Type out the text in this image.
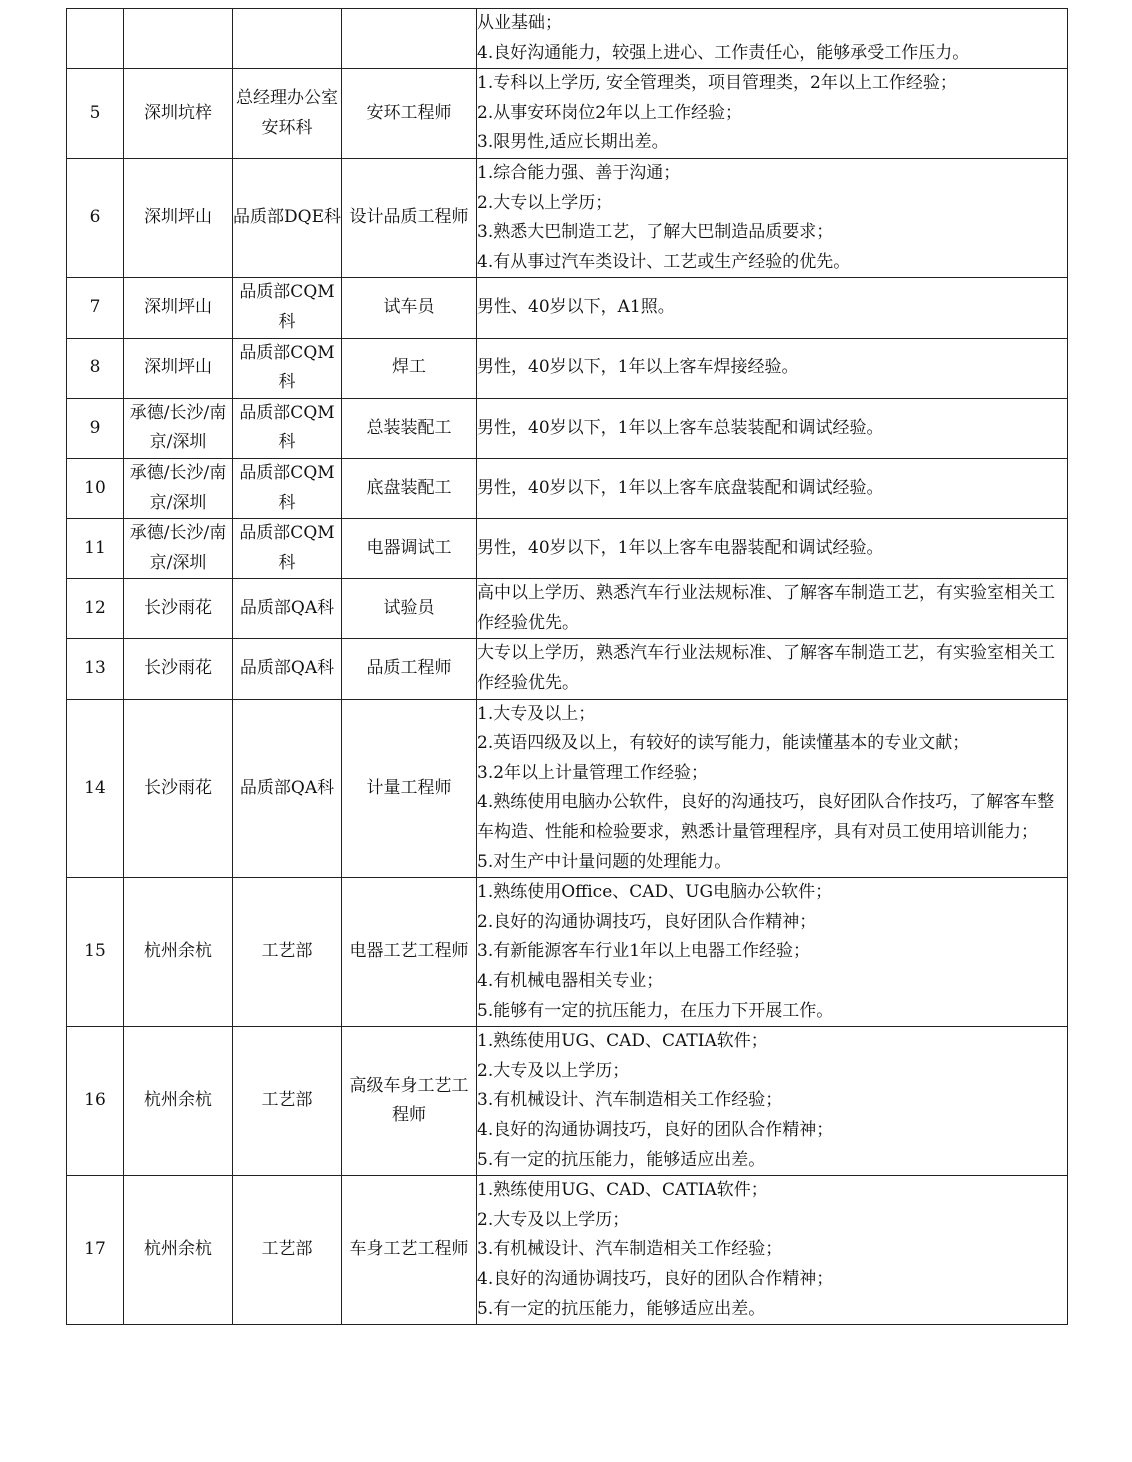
				从业基础；
4.良好沟通能力，较强上进心、工作责任心，能够承受工作压力。

5	深圳坑梓	总经理办公室安环科	安环工程师	1.专科以上学历, 安全管理类，项目管理类，2年以上工作经验；
2.从事安环岗位2年以上工作经验；
3.限男性,适应长期出差。

6	深圳坪山	品质部DQE科	设计品质工程师	1.综合能力强、善于沟通；
2.大专以上学历；
3.熟悉大巴制造工艺，了解大巴制造品质要求；
4.有从事过汽车类设计、工艺或生产经验的优先。

7	深圳坪山	品质部CQM科	试车员	男性、40岁以下，A1照。

8	深圳坪山	品质部CQM科	焊工	男性，40岁以下，1年以上客车焊接经验。

9	承德/长沙/南京/深圳	品质部CQM科	总装装配工	男性，40岁以下，1年以上客车总装装配和调试经验。

10	承德/长沙/南京/深圳	品质部CQM科	底盘装配工	男性，40岁以下，1年以上客车底盘装配和调试经验。

11	承德/长沙/南京/深圳	品质部CQM科	电器调试工	男性，40岁以下，1年以上客车电器装配和调试经验。

12	长沙雨花	品质部QA科	试验员	高中以上学历、熟悉汽车行业法规标准、了解客车制造工艺，有实验室相关工作经验优先。

13	长沙雨花	品质部QA科	品质工程师	大专以上学历，熟悉汽车行业法规标准、了解客车制造工艺，有实验室相关工作经验优先。

14	长沙雨花	品质部QA科	计量工程师	1.大专及以上；
2.英语四级及以上，有较好的读写能力，能读懂基本的专业文献；
3.2年以上计量管理工作经验；
4.熟练使用电脑办公软件，良好的沟通技巧，良好团队合作技巧，了解客车整车构造、性能和检验要求，熟悉计量管理程序，具有对员工使用培训能力；
5.对生产中计量问题的处理能力。

15	杭州余杭	工艺部	电器工艺工程师	1.熟练使用Office、CAD、UG电脑办公软件；
2.良好的沟通协调技巧，良好团队合作精神；
3.有新能源客车行业1年以上电器工作经验；
4.有机械电器相关专业；
5.能够有一定的抗压能力，在压力下开展工作。

16	杭州余杭	工艺部	高级车身工艺工程师	1.熟练使用UG、CAD、CATIA软件；
2.大专及以上学历；
3.有机械设计、汽车制造相关工作经验；
4.良好的沟通协调技巧，良好的团队合作精神；
5.有一定的抗压能力，能够适应出差。

17	杭州余杭	工艺部	车身工艺工程师	1.熟练使用UG、CAD、CATIA软件；
2.大专及以上学历；
3.有机械设计、汽车制造相关工作经验；
4.良好的沟通协调技巧，良好的团队合作精神；
5.有一定的抗压能力，能够适应出差。
